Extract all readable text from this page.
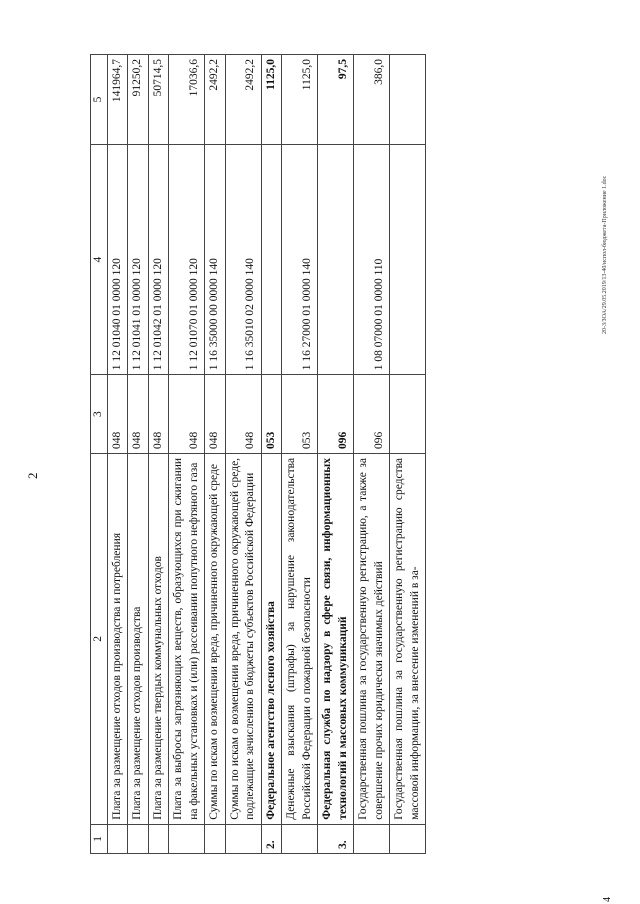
2
1	2	3	4	5
	Плата за размещение отходов производства и потребления	048	1 12 01040 01 0000 120	141964,7
	Плата за размещение отходов производства	048	1 12 01041 01 0000 120	91250,2
	Плата за размещение твердых коммунальных отходов	048	1 12 01042 01 0000 120	50714,5
	Плата за выбросы загрязняющих веществ, образующихся при сжигании на факельных установках и (или) рассеивании попутного нефтяного газа	048	1 12 01070 01 0000 120	17036,6
	Суммы по искам о возмещении вреда, причиненного окружающей среде	048	1 16 35000 00 0000 140	2492,2
	Суммы по искам о возмещении вреда, причиненного окружающей среде, подлежащие зачислению в бюджеты субъектов Российской Федерации	048	1 16 35010 02 0000 140	2492,2
2.	Федеральное агентство лесного хозяйства	053		1125,0
	Денежные взыскания (штрафы) за нарушение законодательства Российской Федерации о пожарной безопасности	053	1 16 27000 01 0000 140	1125,0
3.	Федеральная служба по надзору в сфере связи, информационных технологий и массовых коммуникаций	096		97,5
	Государственная пошлина за государственную регистрацию, а также за совершение прочих юридически значимых действий	096	1 08 07000 01 0000 110	386,0
	Государственная пошлина за государственную регистрацию средства массовой информации, за внесение изменений в за-			
20-3/ЗОА/29.05.2019/13-40/испол-бюджета-Приложение 1.doc
4
